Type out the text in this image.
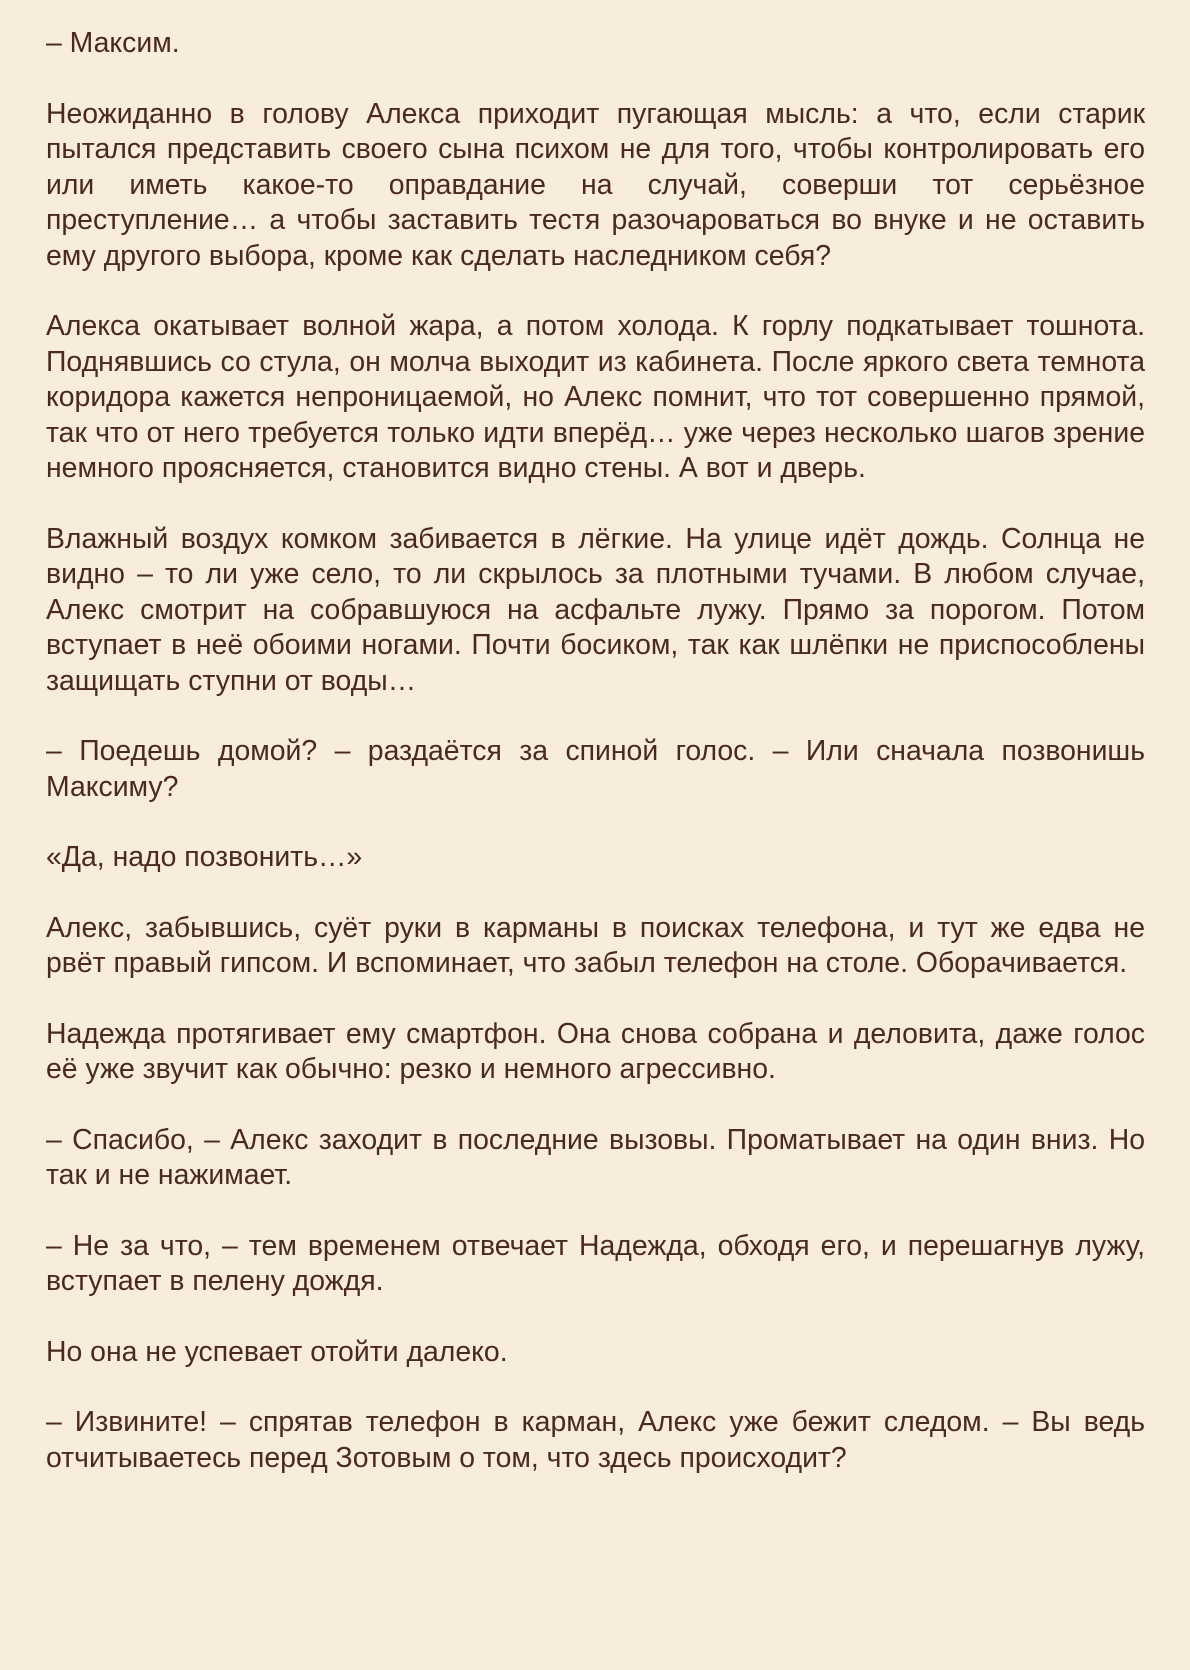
– Максим.

Неожиданно в голову Алекса приходит пугающая мысль: а что, если старик пытался представить своего сына психом не для того, чтобы контролировать его или иметь какое-то оправдание на случай, соверши тот серьёзное преступление… а чтобы заставить тестя разочароваться во внуке и не оставить ему другого выбора, кроме как сделать наследником себя?

Алекса окатывает волной жара, а потом холода. К горлу подкатывает тошнота. Поднявшись со стула, он молча выходит из кабинета. После яркого света темнота коридора кажется непроницаемой, но Алекс помнит, что тот совершенно прямой, так что от него требуется только идти вперёд… уже через несколько шагов зрение немного проясняется, становится видно стены. А вот и дверь.

Влажный воздух комком забивается в лёгкие. На улице идёт дождь. Солнца не видно – то ли уже село, то ли скрылось за плотными тучами. В любом случае, Алекс смотрит на собравшуюся на асфальте лужу. Прямо за порогом. Потом вступает в неё обоими ногами. Почти босиком, так как шлёпки не приспособлены защищать ступни от воды…

– Поедешь домой? – раздаётся за спиной голос. – Или сначала позвонишь Максиму?

«Да, надо позвонить…»

Алекс, забывшись, суёт руки в карманы в поисках телефона, и тут же едва не рвёт правый гипсом. И вспоминает, что забыл телефон на столе. Оборачивается.

Надежда протягивает ему смартфон. Она снова собрана и деловита, даже голос её уже звучит как обычно: резко и немного агрессивно.

– Спасибо, – Алекс заходит в последние вызовы. Проматывает на один вниз. Но так и не нажимает.

– Не за что, – тем временем отвечает Надежда, обходя его, и перешагнув лужу, вступает в пелену дождя.

Но она не успевает отойти далеко.

– Извините! – спрятав телефон в карман, Алекс уже бежит следом. – Вы ведь отчитываетесь перед Зотовым о том, что здесь происходит?
